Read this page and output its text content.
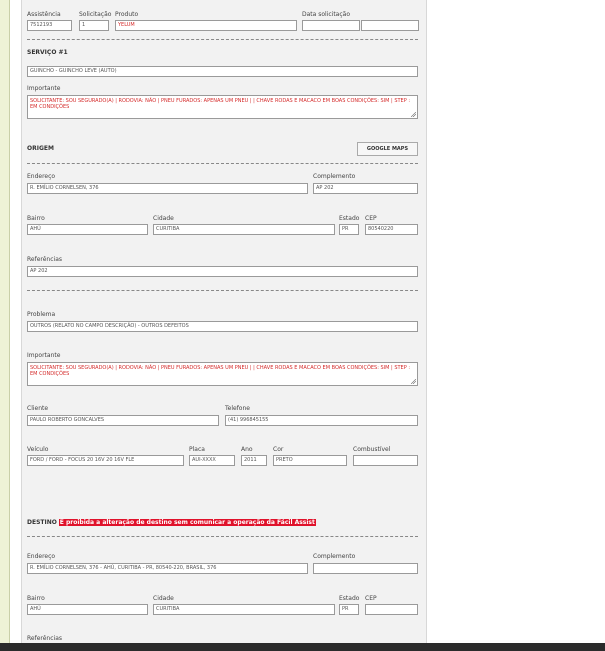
Assistência
7512193
Solicitação
1
Produto
YELUM
Data solicitação
SERVIÇO #1
GUINCHO - GUINCHO LEVE (AUTO)
Importante
SOLICITANTE: SOU SEGURADO(A) | RODOVIA: NÃO | PNEU FURADOS: APENAS UM PNEU | | CHAVE RODAS E MACACO EM BOAS CONDIÇÕES: SIM | STEP : EM CONDIÇÕES
ORIGEM	GOOGLE MAPS
Endereço
R. EMÍLIO CORNELSEN, 376
Complemento
AP 202
Bairro
AHÚ
Cidade
CURITIBA
Estado
PR
CEP
80540220
Referências
AP 202
Problema
OUTROS (RELATO NO CAMPO DESCRIÇÃO) - OUTROS DEFEITOS
Importante
SOLICITANTE: SOU SEGURADO(A) | RODOVIA: NÃO | PNEU FURADOS: APENAS UM PNEU | | CHAVE RODAS E MACACO EM BOAS CONDIÇÕES: SIM | STEP : EM CONDIÇÕES
Cliente
PAULO ROBERTO GONCALVES
Telefone
(41) 996845155
Veículo
FORD / FORD - FOCUS 20 16V 20 16V FLE
Placa
AUI-XXXX
Ano
2011
Cor
PRETO
Combustível
DESTINO É proibida a alteração de destino sem comunicar a operação da Fácil Assist
Endereço
R. EMÍLIO CORNELSEN, 376 - AHÚ, CURITIBA - PR, 80540-220, BRASIL, 376
Complemento
Bairro
AHÚ
Cidade
CURITIBA
Estado
PR
CEP
Referências
